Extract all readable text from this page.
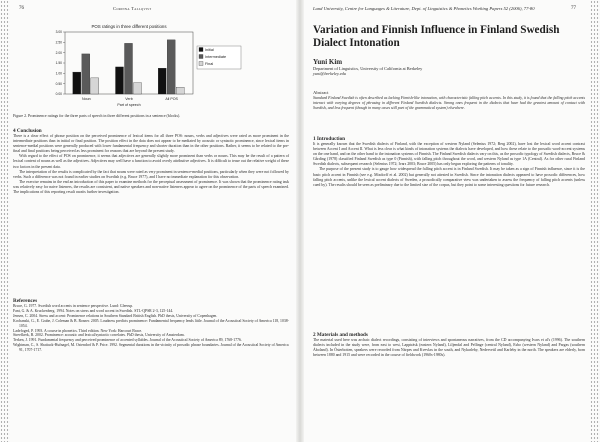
76	Corinna Tallqvist
POS ratings in three different positions
0.00
0.50
1.00
1.50
2.00
2.50
3.00
Noun	Verb	All POS
Part of speech
Initial
Intermediate
Final

Figure 2. Prominence ratings for the three parts of speech in three different positions in a sentence (blocks).

4 Conclusion

There is a clear effect of phrase position on the perceived prominence of lexical items for all three POS: nouns, verbs and adjectives were rated as more prominent in the intermediate positions than in initial or final position. The position effect in the data does not appear to be mediated by acoustic or syntactic prominence, since lexical items in sentence-medial positions were generally produced with lower fundamental frequency and shorter duration than in the other positions. Rather, it seems to be related to the pre-final and final positions being perceived as less prominent for reasons that are beyond the present study.

With regard to the effect of POS on prominence, it seems that adjectives are generally slightly more prominent than verbs or nouns. This may be the result of a pattern of lexical content of nouns as well as the adjectives. Adjectives may well have a function to avoid overly attributive adjectives. It is difficult to tease out the relative weight of these two factors in the present data.

The interpretation of the results is complicated by the fact that nouns were rated as very prominent in sentence-medial positions, particularly when they were not followed by verbs. Such a difference was not found in earlier studies on Swedish (e.g. Bruce 1977), and I have no immediate explanation for this observation.

The exercise remains in the end an introduction of this paper to examine methods for the perceptual assessment of prominence. It was shown that the prominence rating task was relatively easy for naive listeners, the results are consistent, and native speakers and non-native listeners appear to agree on the prominence of the parts of speech examined. The implications of this reporting result awaits further investigation.

References

Bruce, G. 1977. Swedish word accents in sentence perspective. Lund: Gleerup.

Fant, G. & A. Kruckenberg. 1994. Notes on stress and word accent in Swedish. STL-QPSR 2-3, 125-144.

Jensen, C. 2004. Stress and accent: Prominence relations in Southern Standard British English. PhD thesis, University of Copenhagen.

Kochanski, G., E. Grabe, J. Coleman & B. Rosner. 2005. Loudness predicts prominence: Fundamental frequency lends little. Journal of the Acoustical Society of America 118, 1038-1054.

Ladefoged, P. 1993. A course in phonetics. Third edition. New York: Harcourt Brace.

Streefkerk, B. 2002. Prominence: acoustic and lexical/syntactic correlates. PhD thesis, University of Amsterdam.

Terken, J. 1991. Fundamental frequency and perceived prominence of accented syllables. Journal of the Acoustical Society of America 89, 1768-1776.

Wightman, C., S. Shattuck-Hufnagel, M. Ostendorf & P. Price. 1992. Segmental durations in the vicinity of prosodic phrase boundaries. Journal of the Acoustical Society of America 91, 1707-1717.

Lund University, Centre for Languages & Literature, Dept. of Linguistics & Phonetics Working Papers 52 (2006), 77-80	77

Variation and Finnish Influence in Finland Swedish Dialect Intonation

Yuni Kim

Department of Linguistics, University of California at Berkeley

yuni@berkeley.edu

Abstract

Standard Finland Swedish is often described as lacking Finnish-like intonation, with characteristic falling pitch accents. In this study, it is found that the falling pitch accents interact with varying degrees of phrasing in different Finland Swedish dialects. Strong ones frequent in the dialects that have had the greatest amount of contact with Swedish, and less frequent (though in many cases still part of the grammatical system) elsewhere.

1 Introduction

It is generally known that the Swedish dialects of Finland, with the exception of western Nyland (Selenius 1972; Berg 2002), have lost the lexical word accent contrast between Accent I and Accent II. What is less clear is what kinds of intonation systems the dialects have developed, and how these relate to the prosodic word-accent systems on the one hand, and on the other hand to the intonation systems of Finnish. The Finland Swedish dialects vary on this, as the prosodic typology of Swedish dialects, Bruce & Gårding (1978) classified Finland Swedish as type 0 (Finnish), with falling pitch throughout the word, and western Nyland as type 1A (Central). As for other rural Finland Swedish dialects, subsequent research (Selenius 1972; Ivars 2003; Bruce 2005) has only begun exploring the patterns of tonality.

The purpose of the present study is to gauge how widespread the falling pitch accent is in Finland Swedish. It may be taken as a sign of Finnish influence, since it is the basic pitch accent in Finnish (see e.g. Mixdorff et al. 2002) but generally not attested in Swedish. Since the intonation dialects appeared to have prosodic differences, how falling pitch accents, unlike the lexical accent dialects of Sweden, a prosodically comparative view was undertaken to assess the frequency of falling pitch accents (unless cued by). The results should be seen as preliminary due to the limited size of the corpus, but they point to some interesting questions for future research.

2 Materials and methods

The material used here was archaic dialect recordings, consisting of interviews and spontaneous narratives, from the CD accompanying Ivars et al's (1996). The southern dialects included in the study were, from east to west, Lappträsk (eastern Nyland), Liljendal and Pellinge (central Nyland), Esbo (western Nyland) and Pargas (southern Åboland). In Österbotten, speakers were recorded from Närpes and Kvevlax in the south, and Nykarleby, Nedervetil and Karleby in the north. The speakers are elderly, born between 1880 and 1915 and were recorded in the course of fieldwork (1960s-1980s).
